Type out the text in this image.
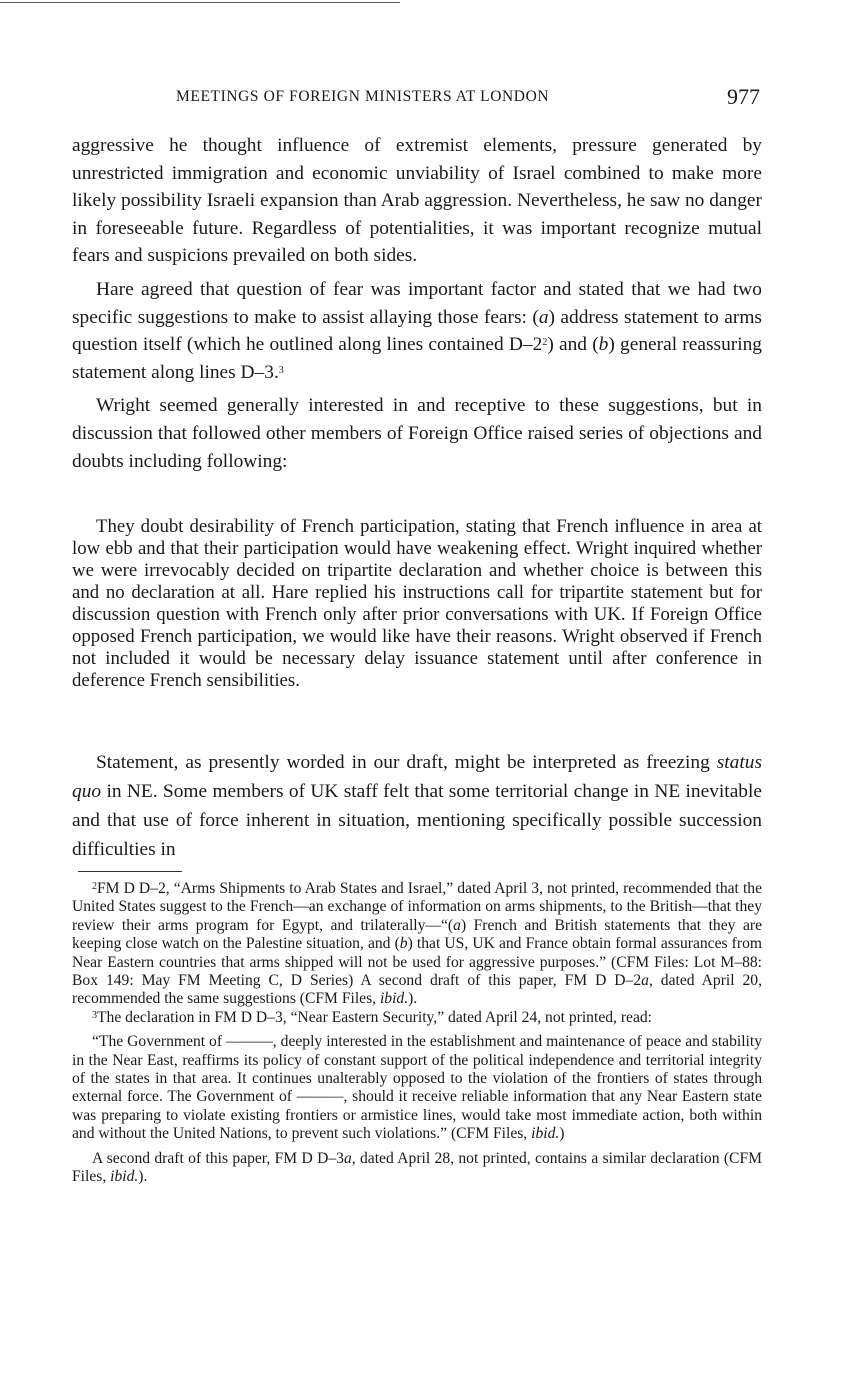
MEETINGS OF FOREIGN MINISTERS AT LONDON	977

aggressive he thought influence of extremist elements, pressure generated by unrestricted immigration and economic unviability of Israel combined to make more likely possibility Israeli expansion than Arab aggression. Nevertheless, he saw no danger in foreseeable future. Regardless of potentialities, it was important recognize mutual fears and suspicions prevailed on both sides.

Hare agreed that question of fear was important factor and stated that we had two specific suggestions to make to assist allaying those fears: (a) address statement to arms question itself (which he outlined along lines contained $D-2^2$) and (b) general reassuring statement along lines D–3.$^3$

Wright seemed generally interested in and receptive to these suggestions, but in discussion that followed other members of Foreign Office raised series of objections and doubts including following:

They doubt desirability of French participation, stating that French influence in area at low ebb and that their participation would have weakening effect. Wright inquired whether we were irrevocably decided on tripartite declaration and whether choice is between this and no declaration at all. Hare replied his instructions call for tripartite statement but for discussion question with French only after prior conversations with UK. If Foreign Office opposed French participation, we would like have their reasons. Wright observed if French not included it would be necessary delay issuance statement until after conference in deference French sensibilities.

Statement, as presently worded in our draft, might be interpreted as freezing status quo in NE. Some members of UK staff felt that some territorial change in NE inevitable and that use of force inherent in situation, mentioning specifically possible succession difficulties in

$^2$FM D D–2, “Arms Shipments to Arab States and Israel,” dated April 3, not printed, recommended that the United States suggest to the French—an exchange of information on arms shipments, to the British—that they review their arms program for Egypt, and trilaterally—“(a) French and British statements that they are keeping close watch on the Palestine situation, and (b) that US, UK and France obtain formal assurances from Near Eastern countries that arms shipped will not be used for aggressive purposes.” (CFM Files: Lot M–88: Box 149: May FM Meeting C, D Series) A second draft of this paper, FM D D–2a, dated April 20, recommended the same suggestions (CFM Files, ibid.).

$^3$The declaration in FM D D–3, “Near Eastern Security,” dated April 24, not printed, read:

“The Government of ———, deeply interested in the establishment and maintenance of peace and stability in the Near East, reaffirms its policy of constant support of the political independence and territorial integrity of the states in that area. It continues unalterably opposed to the violation of the frontiers of states through external force. The Government of ———, should it receive reliable information that any Near Eastern state was preparing to violate existing frontiers or armistice lines, would take most immediate action, both within and without the United Nations, to prevent such violations.” (CFM Files, ibid.)

A second draft of this paper, FM D D–3a, dated April 28, not printed, contains a similar declaration (CFM Files, ibid.).
